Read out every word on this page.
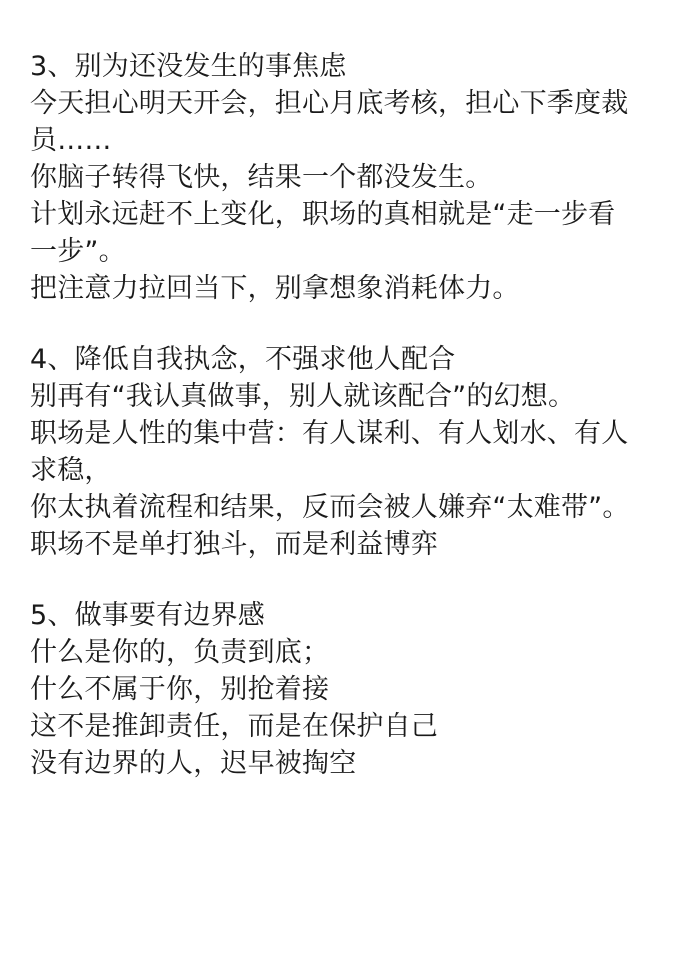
3、别为还没发生的事焦虑
今天担心明天开会，担心月底考核，担心下季度裁
员……
你脑子转得飞快，结果一个都没发生。
计划永远赶不上变化，职场的真相就是“走一步看
一步”。
把注意力拉回当下，别拿想象消耗体力。
4、降低自我执念，不强求他人配合
别再有“我认真做事，别人就该配合”的幻想。
职场是人性的集中营：有人谋利、有人划水、有人
求稳，
你太执着流程和结果，反而会被人嫌弃“太难带”。
职场不是单打独斗，而是利益博弈
5、做事要有边界感
什么是你的，负责到底；
什么不属于你，别抢着接
这不是推卸责任，而是在保护自己
没有边界的人，迟早被掏空
